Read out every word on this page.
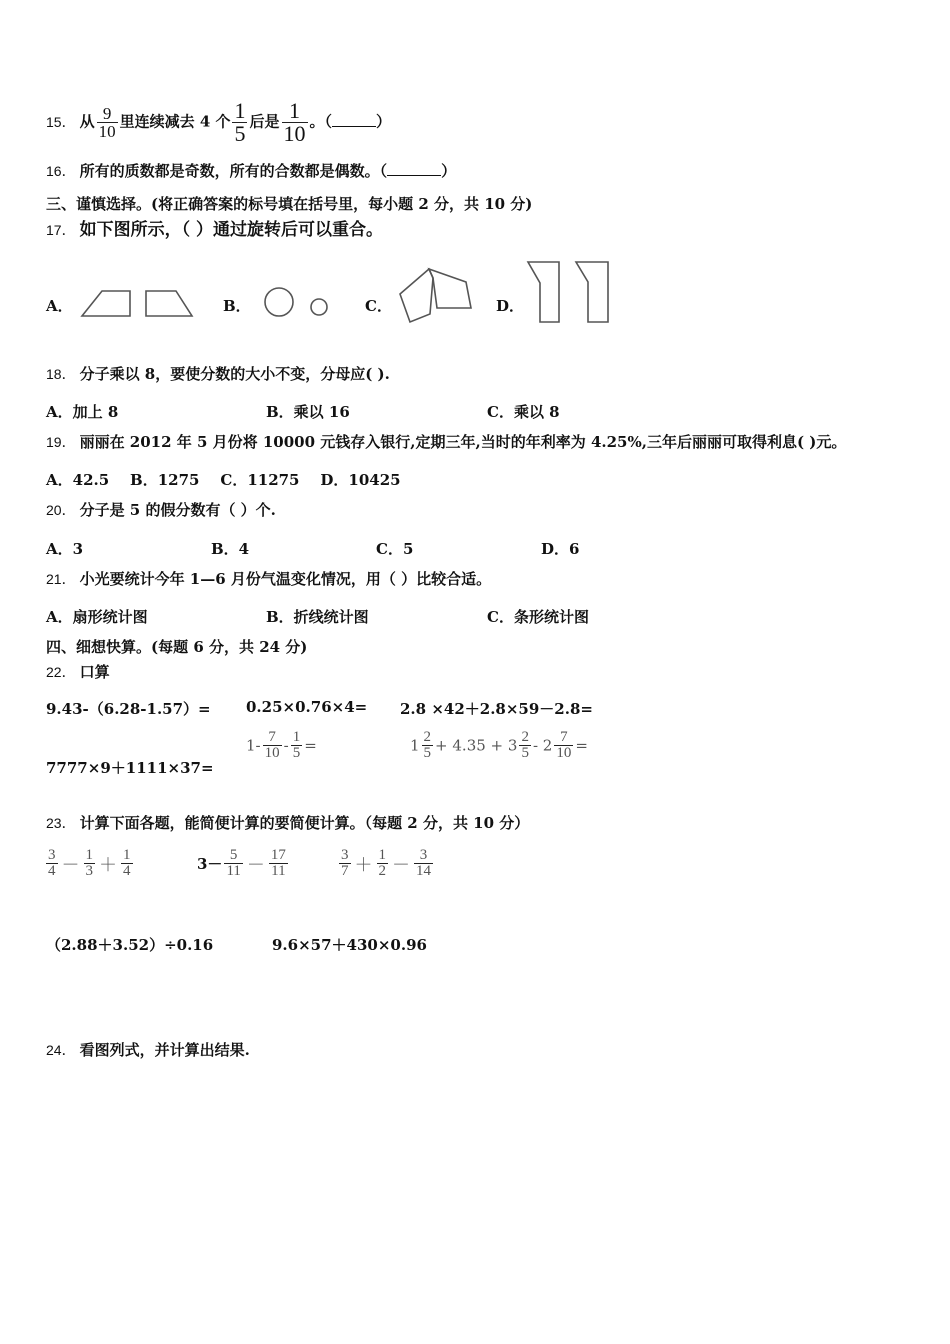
15． 从 $\frac{9}{10}$ 里连续减去 4 个 $\frac{1}{5}$ 后是 $\frac{1}{10}$ 。（	）
16． 所有的质数都是奇数，所有的合数都是偶数。（	）
三、谨慎选择。(将正确答案的标号填在括号里，每小题 2 分，共 10 分)
17． 如下图所示，（ ）通过旋转后可以重合。
A．	B．	C．	D．
18． 分子乘以 8，要使分数的大小不变，分母应( ).
A．加上 8	B．乘以 16	C．乘以 8
19． 丽丽在 2012 年 5 月份将 10000 元钱存入银行,定期三年,当时的年利率为 4.25%,三年后丽丽可取得利息( )元。
A．42.5    B．1275    C．11275    D．10425
20． 分子是 5 的假分数有（ ）个.
A．3	B．4	C．5	D．6
21． 小光要统计今年 1—6 月份气温变化情况，用（ ）比较合适。
A．扇形统计图	B．折线统计图	C．条形统计图
四、细想快算。(每题 6 分，共 24 分)
22． 口算
9.43-（6.28-1.57）= 0.25×0.76×4= 2.8 ×42＋2.8×59－2.8=
7777×9＋1111×37=
$1- \frac{7}{10} - \frac{1}{5}$ =	$1 \frac{2}{5} + 4.35 + 3 \frac{2}{5} - 2 \frac{7}{10}$ =
23． 计算下面各题，能简便计算的要简便计算。（每题 2 分，共 10 分）
$\frac{3}{4} - \frac{1}{3} + \frac{1}{4}$	$3- \frac{5}{11} - \frac{17}{11}$	$\frac{3}{7} + \frac{1}{2} - \frac{3}{14}$
（2.88＋3.52）÷0.16	9.6×57＋430×0.96
24． 看图列式，并计算出结果.
